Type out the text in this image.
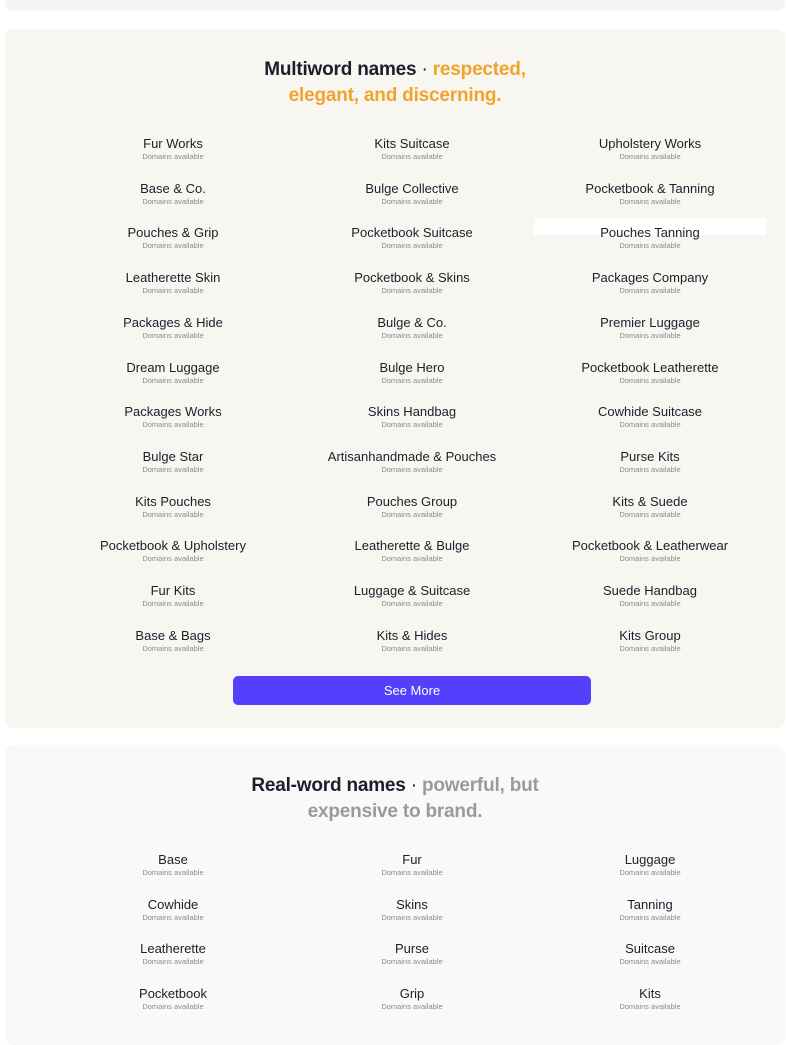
Multiword names · respected,
elegant, and discerning.
Fur Works
Domains available
Base & Co.
Domains available
Pouches & Grip
Domains available
Leatherette Skin
Domains available
Packages & Hide
Domains available
Dream Luggage
Domains available
Packages Works
Domains available
Bulge Star
Domains available
Kits Pouches
Domains available
Pocketbook & Upholstery
Domains available
Fur Kits
Domains available
Base & Bags
Domains available
Kits Suitcase
Domains available
Bulge Collective
Domains available
Pocketbook Suitcase
Domains available
Pocketbook & Skins
Domains available
Bulge & Co.
Domains available
Bulge Hero
Domains available
Skins Handbag
Domains available
Artisanhandmade & Pouches
Domains available
Pouches Group
Domains available
Leatherette & Bulge
Domains available
Luggage & Suitcase
Domains available
Kits & Hides
Domains available
Upholstery Works
Domains available
Pocketbook & Tanning
Domains available
Pouches Tanning
Domains available
Packages Company
Domains available
Premier Luggage
Domains available
Pocketbook Leatherette
Domains available
Cowhide Suitcase
Domains available
Purse Kits
Domains available
Kits & Suede
Domains available
Pocketbook & Leatherwear
Domains available
Suede Handbag
Domains available
Kits Group
Domains available
See More
Real-word names · powerful, but
expensive to brand.
Base
Domains available
Cowhide
Domains available
Leatherette
Domains available
Pocketbook
Domains available
Fur
Domains available
Skins
Domains available
Purse
Domains available
Grip
Domains available
Luggage
Domains available
Tanning
Domains available
Suitcase
Domains available
Kits
Domains available
